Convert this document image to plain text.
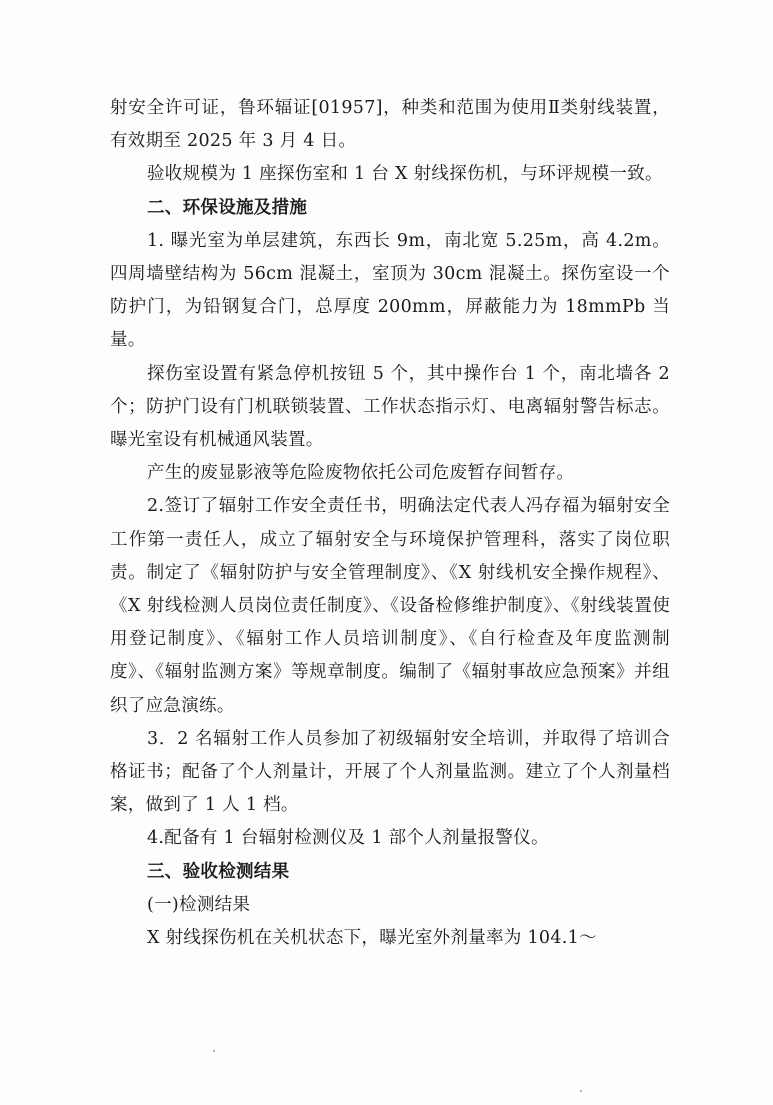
射安全许可证，鲁环辐证[01957]，种类和范围为使用Ⅱ类射线装置，有效期至 2025 年 3 月 4 日。

验收规模为 1 座探伤室和 1 台 X 射线探伤机，与环评规模一致。

二、环保设施及措施

1. 曝光室为单层建筑，东西长 9m，南北宽 5.25m，高 4.2m。四周墙壁结构为 56cm 混凝土，室顶为 30cm 混凝土。探伤室设一个防护门，为铅钢复合门，总厚度 200mm，屏蔽能力为 18mmPb 当量。

探伤室设置有紧急停机按钮 5 个，其中操作台 1 个，南北墙各 2 个；防护门设有门机联锁装置、工作状态指示灯、电离辐射警告标志。曝光室设有机械通风装置。

产生的废显影液等危险废物依托公司危废暂存间暂存。

2.签订了辐射工作安全责任书，明确法定代表人冯存福为辐射安全工作第一责任人，成立了辐射安全与环境保护管理科，落实了岗位职责。制定了《辐射防护与安全管理制度》、《X 射线机安全操作规程》、《X 射线检测人员岗位责任制度》、《设备检修维护制度》、《射线装置使用登记制度》、《辐射工作人员培训制度》、《自行检查及年度监测制度》、《辐射监测方案》等规章制度。编制了《辐射事故应急预案》并组织了应急演练。

3．2 名辐射工作人员参加了初级辐射安全培训，并取得了培训合格证书；配备了个人剂量计，开展了个人剂量监测。建立了个人剂量档案，做到了 1 人 1 档。

4.配备有 1 台辐射检测仪及 1 部个人剂量报警仪。

三、验收检测结果

(一)检测结果

X 射线探伤机在关机状态下，曝光室外剂量率为 104.1～
